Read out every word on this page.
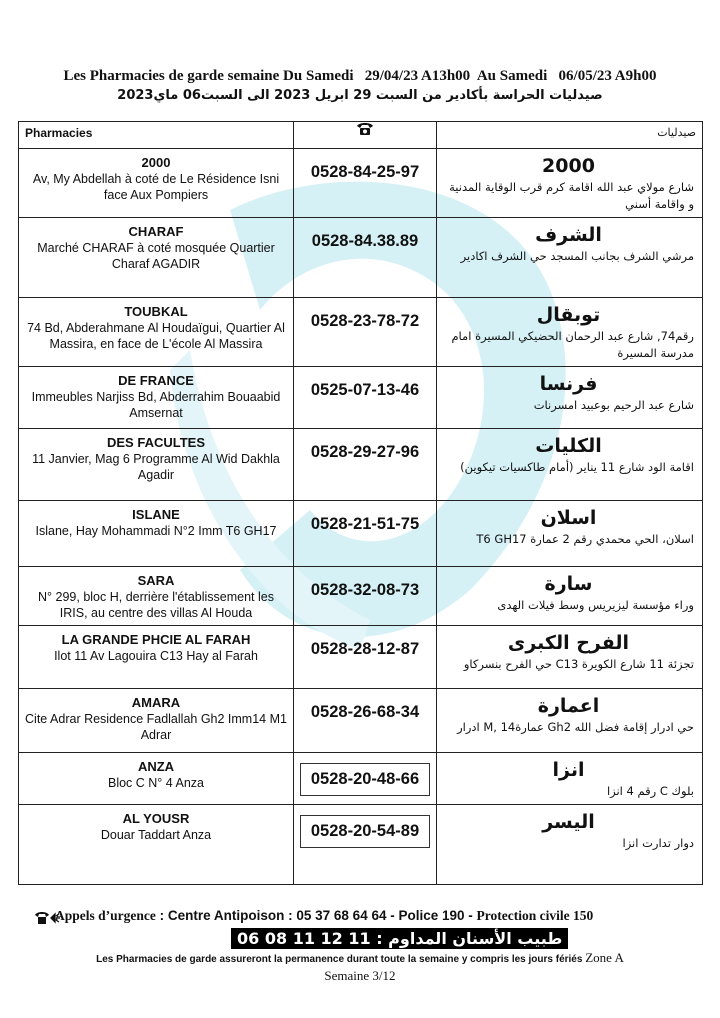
Les Pharmacies de garde semaine Du Samedi   29/04/23 A13h00  Au Samedi   06/05/23 A9h00
صيدليات الحراسة بأكادير من السبت 29 ابريل 2023 الى السبت06 ماي2023
Pharmacies		صيدليات

2000
Av, My Abdellah à coté de Le Résidence Isni face Aux Pompiers	0528-84-25-97	2000
شارع مولاي عبد الله اقامة كرم قرب الوقاية المدنية و واقامة أسني

CHARAF
Marché CHARAF à coté mosquée Quartier Charaf AGADIR	0528-84.38.89	الشرف
مرشي الشرف بجانب المسجد حي الشرف اكادير

TOUBKAL
74 Bd, Abderahmane Al Houdaïgui, Quartier Al Massira, en face de L'école Al Massira	0528-23-78-72	توبقال
رقم74, شارع عبد الرحمان الحضيكي المسيرة امام مدرسة المسيرة

DE FRANCE
Immeubles Narjiss Bd, Abderrahim Bouaabid Amsernat	0525-07-13-46	فرنسا
شارع عبد الرحيم بوعبيد امسرنات

DES FACULTES
11 Janvier, Mag 6 Programme Al Wid Dakhla Agadir	0528-29-27-96	الكليات
اقامة الود شارع 11 يناير (أمام طاكسيات تيكوين)

ISLANE
Islane, Hay Mohammadi N°2 Imm T6 GH17	0528-21-51-75	اسلان
اسلان، الحي محمدي رقم 2 عمارة T6 GH17

SARA
N° 299, bloc H, derrière l'établissement les IRIS, au centre des villas Al Houda	0528-32-08-73	سارة
وراء مؤسسة ليزيريس وسط فيلات الهدى

LA GRANDE PHCIE AL FARAH
Ilot 11 Av Lagouira C13 Hay al Farah	0528-28-12-87	الفرح الكبرى
تجزئة 11 شارع الكويرة C13 حي الفرح بنسركاو

AMARA
Cite Adrar Residence Fadlallah Gh2 Imm14 M1 Adrar	0528-26-68-34	اعمارة
حي ادرار إقامة فضل الله Gh2 عمارة14 ,M ادرار

ANZA
Bloc C N° 4 Anza	0528-20-48-66	انزا
بلوك C رقم 4 انزا

AL YOUSR
Douar Taddart Anza	0528-20-54-89	اليسر
دوار تدارت انزا
Appels d’urgence : Centre Antipoison : 05 37 68 64 64 - Police 190 - Protection civile 150
طبيب الأسنان المداوم : 11 12 11 08 06
Les Pharmacies de garde assureront la permanence durant toute la semaine y compris les jours fériés Zone A
Semaine 3/12
